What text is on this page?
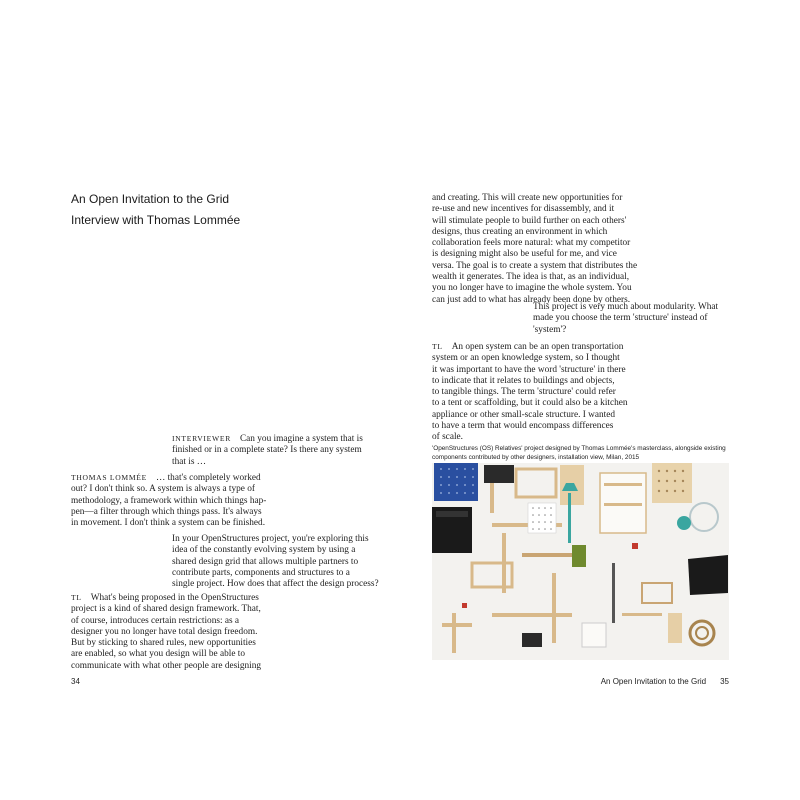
An Open Invitation to the Grid
Interview with Thomas Lommée
INTERVIEWER Can you imagine a system that is
finished or in a complete state? Is there any system
that is …
THOMAS LOMMÉE … that's completely worked
out? I don't think so. A system is always a type of
methodology, a framework within which things hap-
pen—a filter through which things pass. It's always
in movement. I don't think a system can be finished.
In your OpenStructures project, you're exploring this
idea of the constantly evolving system by using a
shared design grid that allows multiple partners to
contribute parts, components and structures to a
single project. How does that affect the design process?
TL What's being proposed in the OpenStructures
project is a kind of shared design framework. That,
of course, introduces certain restrictions: as a
designer you no longer have total design freedom.
But by sticking to shared rules, new opportunities
are enabled, so what you design will be able to
communicate with what other people are designing
34
and creating. This will create new opportunities for
re-use and new incentives for disassembly, and it
will stimulate people to build further on each others'
designs, thus creating an environment in which
collaboration feels more natural: what my competitor
is designing might also be useful for me, and vice
versa. The goal is to create a system that distributes the
wealth it generates. The idea is that, as an individual,
you no longer have to imagine the whole system. You
can just add to what has already been done by others.
This project is very much about modularity. What
made you choose the term 'structure' instead of
'system'?
TL An open system can be an open transportation
system or an open knowledge system, so I thought
it was important to have the word 'structure' in there
to indicate that it relates to buildings and objects,
to tangible things. The term 'structure' could refer
to a tent or scaffolding, but it could also be a kitchen
appliance or other small-scale structure. I wanted
to have a term that would encompass differences
of scale.
'OpenStructures (OS) Relatives' project designed by Thomas Lommée's masterclass, alongside existing
components contributed by other designers, installation view, Milan, 2015
An Open Invitation to the Grid 35
